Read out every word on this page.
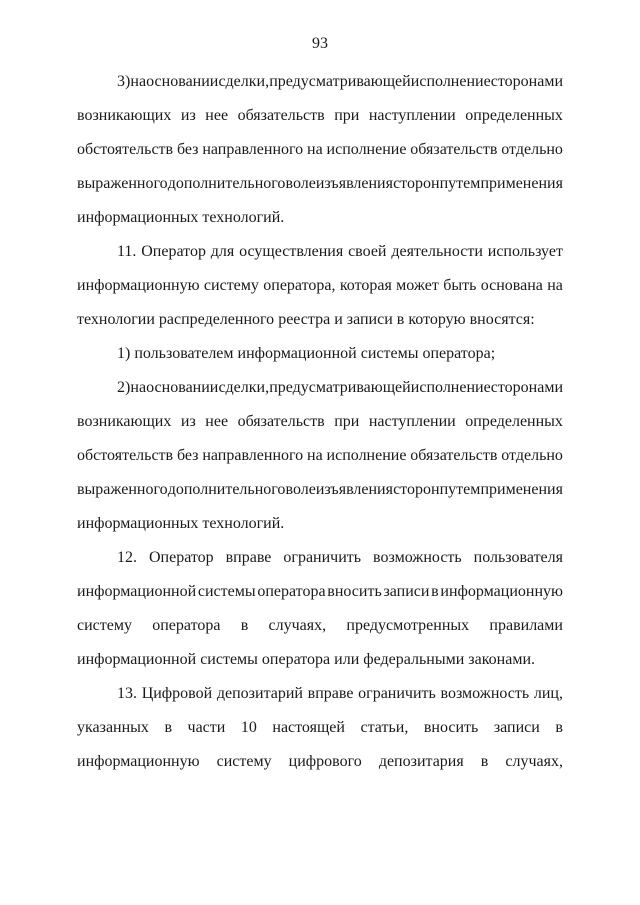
93
3) на основании сделки, предусматривающей исполнение сторонами
возникающих из нее обязательств при наступлении определенных
обстоятельств без направленного на исполнение обязательств отдельно
выраженного дополнительного волеизъявления сторон путем применения
информационных технологий.
11. Оператор для осуществления своей деятельности использует
информационную систему оператора, которая может быть основана на
технологии распределенного реестра и записи в которую вносятся:
1) пользователем информационной системы оператора;
2) на основании сделки, предусматривающей исполнение сторонами
возникающих из нее обязательств при наступлении определенных
обстоятельств без направленного на исполнение обязательств отдельно
выраженного дополнительного волеизъявления сторон путем применения
информационных технологий.
12. Оператор вправе ограничить возможность пользователя
информационной системы оператора вносить записи в информационную
систему оператора в случаях, предусмотренных правилами
информационной системы оператора или федеральными законами.
13. Цифровой депозитарий вправе ограничить возможность лиц,
указанных в части 10 настоящей статьи, вносить записи в
информационную систему цифрового депозитария в случаях,
